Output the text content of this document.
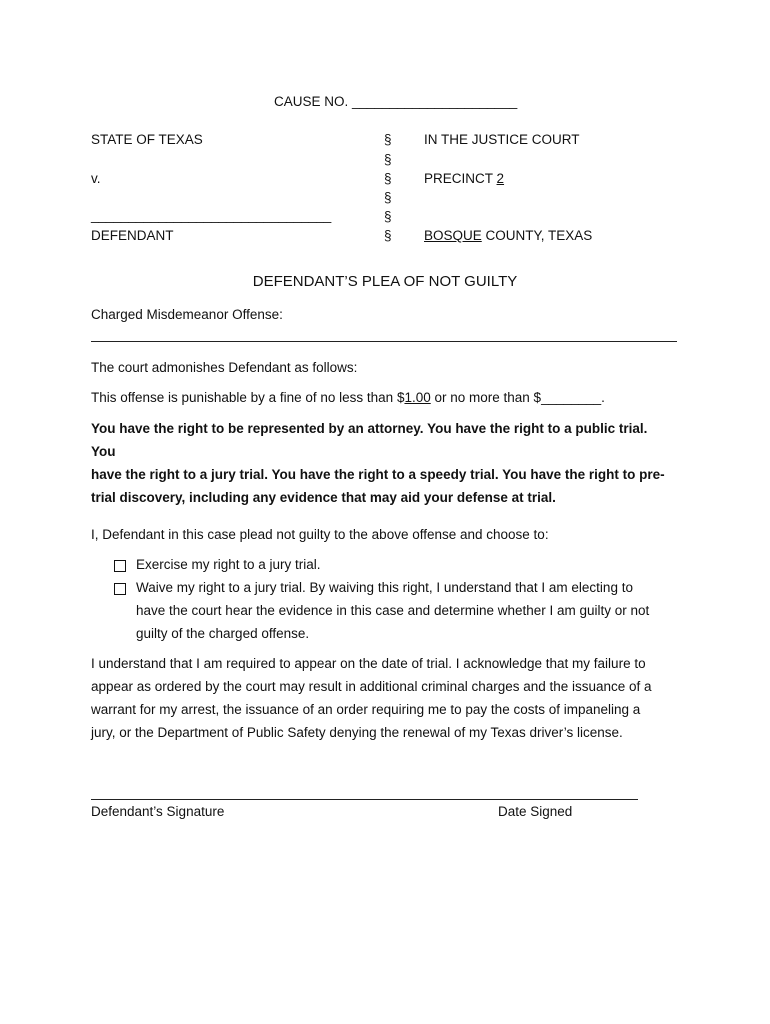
CAUSE NO. ______________________
STATE OF TEXAS
v.
________________________________
DEFENDANT
§
§
§
§
§
§
IN THE JUSTICE COURT
PRECINCT 2
BOSQUE COUNTY, TEXAS
DEFENDANT’S PLEA OF NOT GUILTY
Charged Misdemeanor Offense:
The court admonishes Defendant as follows:
This offense is punishable by a fine of no less than $1.00 or no more than $________.
You have the right to be represented by an attorney. You have the right to a public trial. You
have the right to a jury trial. You have the right to a speedy trial. You have the right to pre-
trial discovery, including any evidence that may aid your defense at trial.
I, Defendant in this case plead not guilty to the above offense and choose to:
Exercise my right to a jury trial.
Waive my right to a jury trial. By waiving this right, I understand that I am electing to
have the court hear the evidence in this case and determine whether I am guilty or not
guilty of the charged offense.
I understand that I am required to appear on the date of trial. I acknowledge that my failure to
appear as ordered by the court may result in additional criminal charges and the issuance of a
warrant for my arrest, the issuance of an order requiring me to pay the costs of impaneling a
jury, or the Department of Public Safety denying the renewal of my Texas driver’s license.
Defendant’s Signature	Date Signed
